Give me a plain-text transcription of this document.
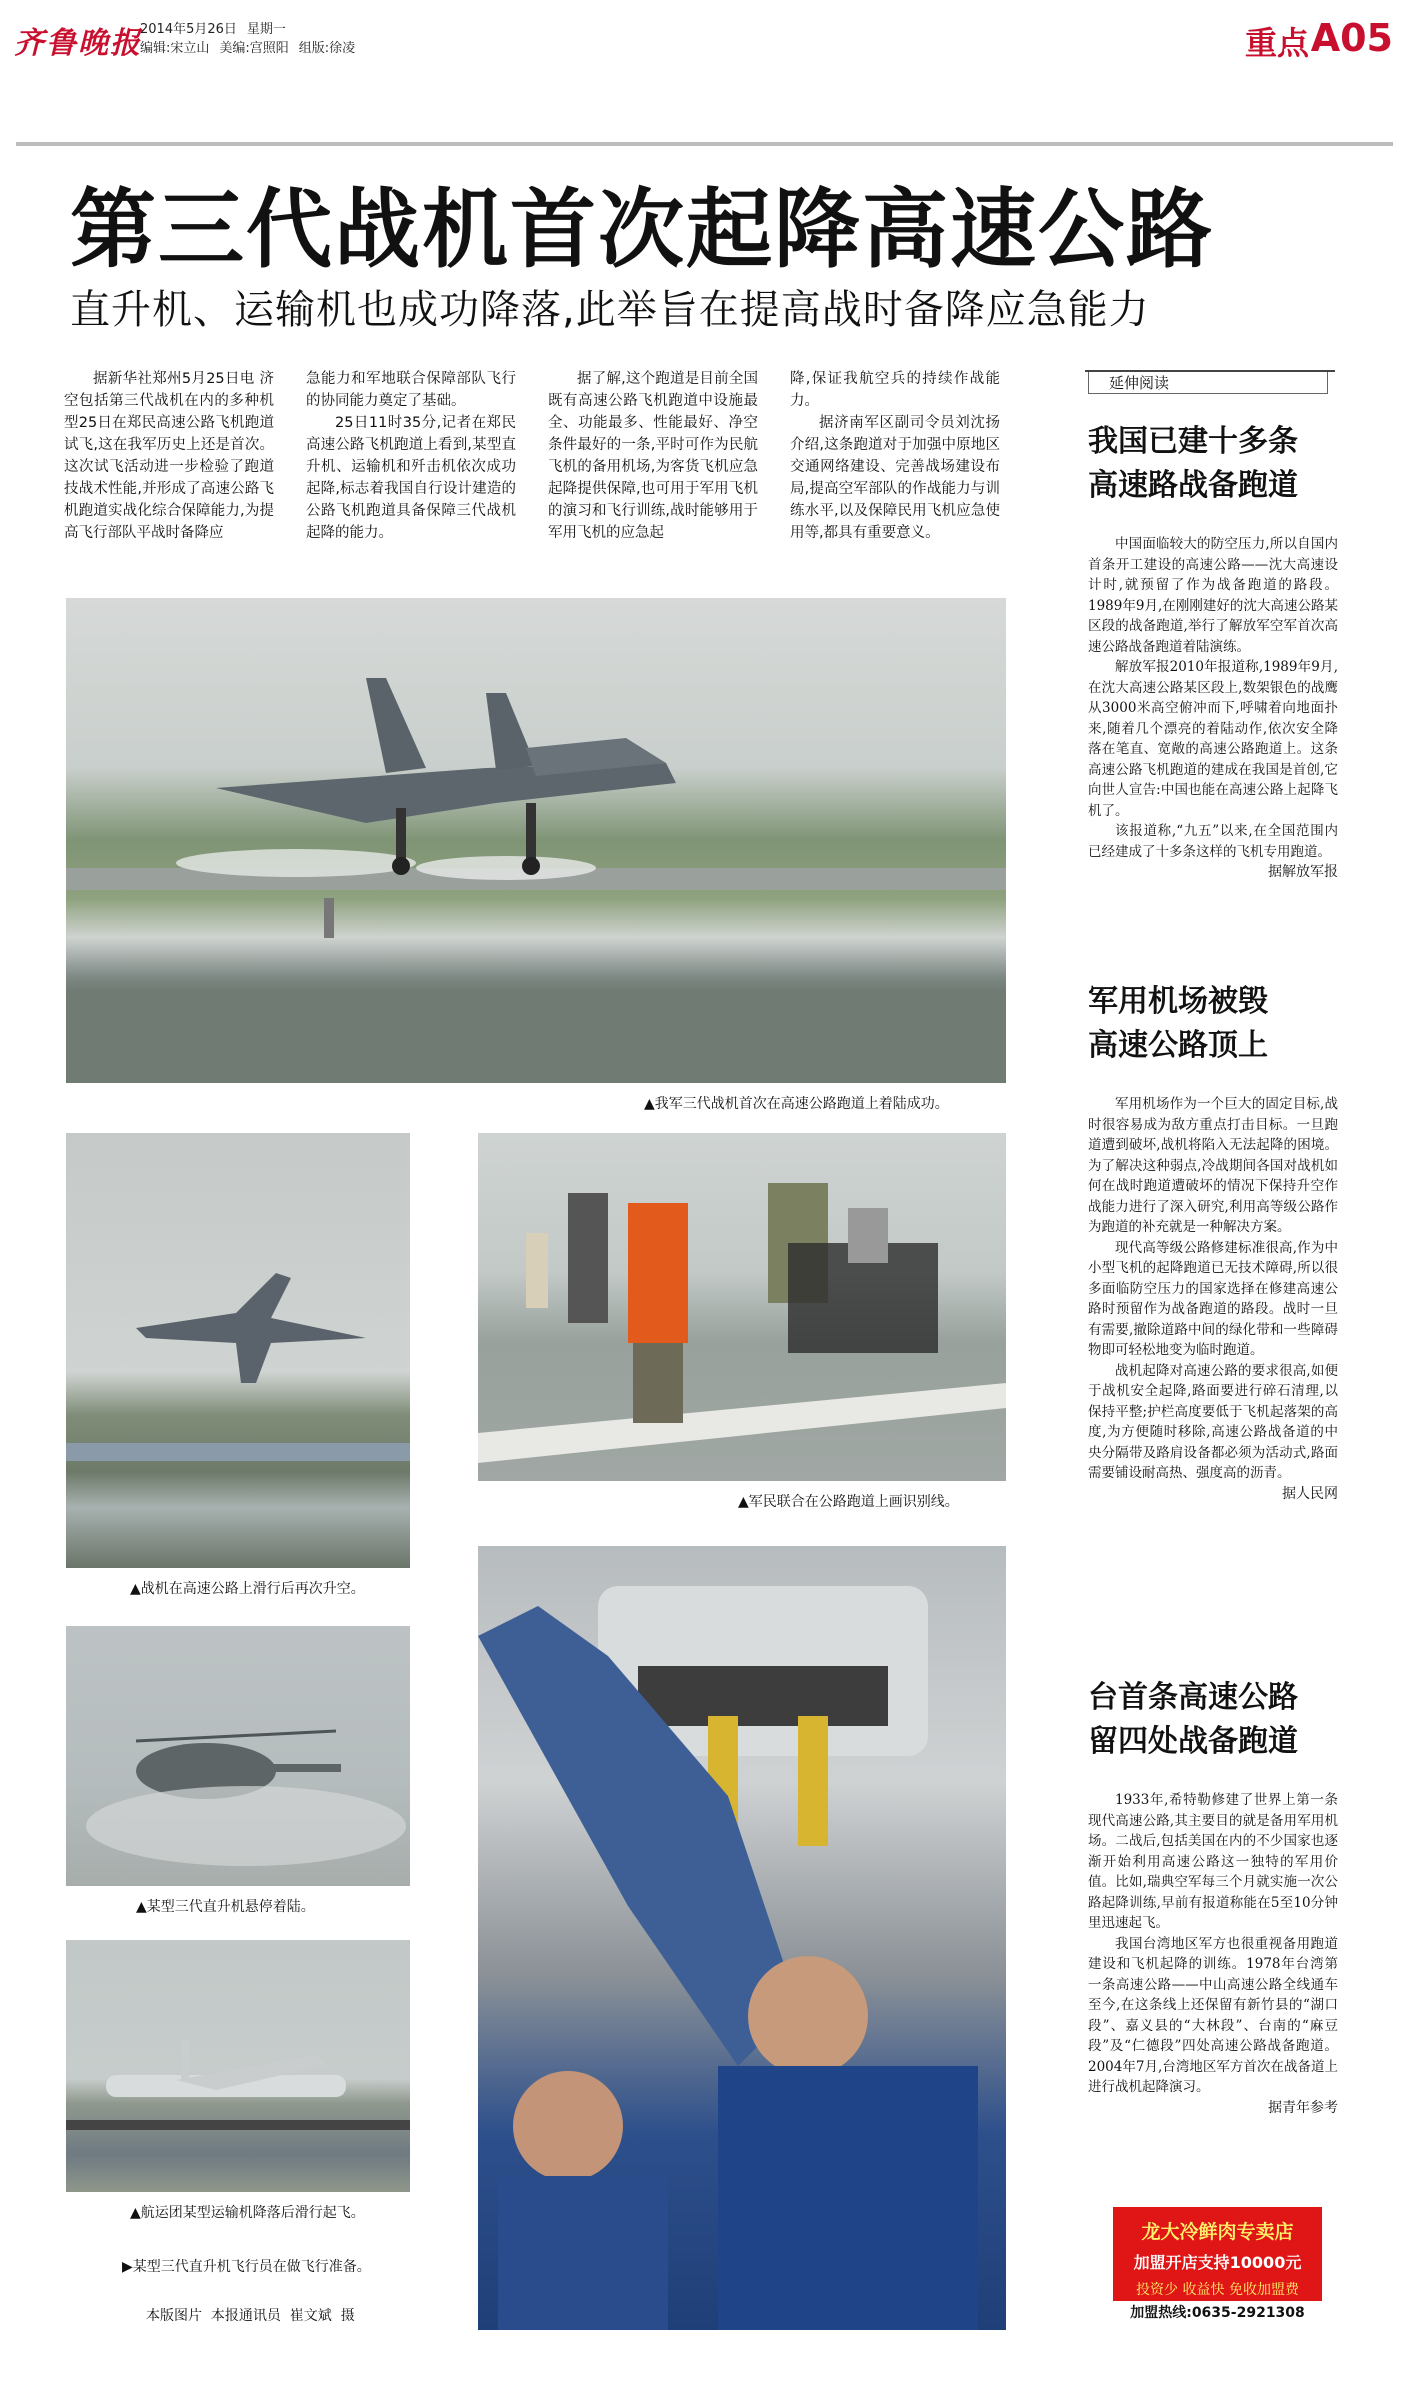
齐鲁晚报
2014年5月26日 星期一
编辑:宋立山 美编:宫照阳 组版:徐凌	重点 A05
第三代战机首次起降高速公路
直升机、运输机也成功降落,此举旨在提高战时备降应急能力

据新华社郑州5月25日电 济空包括第三代战机在内的多种机型25日在郑民高速公路飞机跑道试飞,这在我军历史上还是首次。这次试飞活动进一步检验了跑道技战术性能,并形成了高速公路飞机跑道实战化综合保障能力,为提高飞行部队平战时备降应

急能力和军地联合保障部队飞行的协同能力奠定了基础。

25日11时35分,记者在郑民高速公路飞机跑道上看到,某型直升机、运输机和歼击机依次成功起降,标志着我国自行设计建造的公路飞机跑道具备保障三代战机起降的能力。

据了解,这个跑道是目前全国既有高速公路飞机跑道中设施最全、功能最多、性能最好、净空条件最好的一条,平时可作为民航飞机的备用机场,为客货飞机应急起降提供保障,也可用于军用飞机的演习和飞行训练,战时能够用于军用飞机的应急起

降,保证我航空兵的持续作战能力。

据济南军区副司令员刘沈扬介绍,这条跑道对于加强中原地区交通网络建设、完善战场建设布局,提高空军部队的作战能力与训练水平,以及保障民用飞机应急使用等,都具有重要意义。

▲我军三代战机首次在高速公路跑道上着陆成功。
▲战机在高速公路上滑行后再次升空。
▲军民联合在公路跑道上画识别线。
▲某型三代直升机悬停着陆。
▲航运团某型运输机降落后滑行起飞。
▶某型三代直升机飞行员在做飞行准备。
本版图片  本报通讯员  崔文斌  摄
延伸阅读
我国已建十多条
高速路战备跑道

中国面临较大的防空压力,所以自国内首条开工建设的高速公路——沈大高速设计时,就预留了作为战备跑道的路段。1989年9月,在刚刚建好的沈大高速公路某区段的战备跑道,举行了解放军空军首次高速公路战备跑道着陆演练。

解放军报2010年报道称,1989年9月,在沈大高速公路某区段上,数架银色的战鹰从3000米高空俯冲而下,呼啸着向地面扑来,随着几个漂亮的着陆动作,依次安全降落在笔直、宽敞的高速公路跑道上。这条高速公路飞机跑道的建成在我国是首创,它向世人宣告:中国也能在高速公路上起降飞机了。

该报道称,“九五”以来,在全国范围内已经建成了十多条这样的飞机专用跑道。

据解放军报
军用机场被毁
高速公路顶上

军用机场作为一个巨大的固定目标,战时很容易成为敌方重点打击目标。一旦跑道遭到破坏,战机将陷入无法起降的困境。为了解决这种弱点,冷战期间各国对战机如何在战时跑道遭破坏的情况下保持升空作战能力进行了深入研究,利用高等级公路作为跑道的补充就是一种解决方案。

现代高等级公路修建标准很高,作为中小型飞机的起降跑道已无技术障碍,所以很多面临防空压力的国家选择在修建高速公路时预留作为战备跑道的路段。战时一旦有需要,撤除道路中间的绿化带和一些障碍物即可轻松地变为临时跑道。

战机起降对高速公路的要求很高,如便于战机安全起降,路面要进行碎石清理,以保持平整;护栏高度要低于飞机起落架的高度,为方便随时移除,高速公路战备道的中央分隔带及路肩设备都必须为活动式,路面需要铺设耐高热、强度高的沥青。

据人民网
台首条高速公路
留四处战备跑道

1933年,希特勒修建了世界上第一条现代高速公路,其主要目的就是备用军用机场。二战后,包括美国在内的不少国家也逐渐开始利用高速公路这一独特的军用价值。比如,瑞典空军每三个月就实施一次公路起降训练,早前有报道称能在5至10分钟里迅速起飞。

我国台湾地区军方也很重视备用跑道建设和飞机起降的训练。1978年台湾第一条高速公路——中山高速公路全线通车至今,在这条线上还保留有新竹县的“湖口段”、嘉义县的“大林段”、台南的“麻豆段”及“仁德段”四处高速公路战备跑道。2004年7月,台湾地区军方首次在战备道上进行战机起降演习。

据青年参考
龙大冷鲜肉专卖店
加盟开店支持10000元
投资少 收益快 免收加盟费
加盟热线:0635-2921308
